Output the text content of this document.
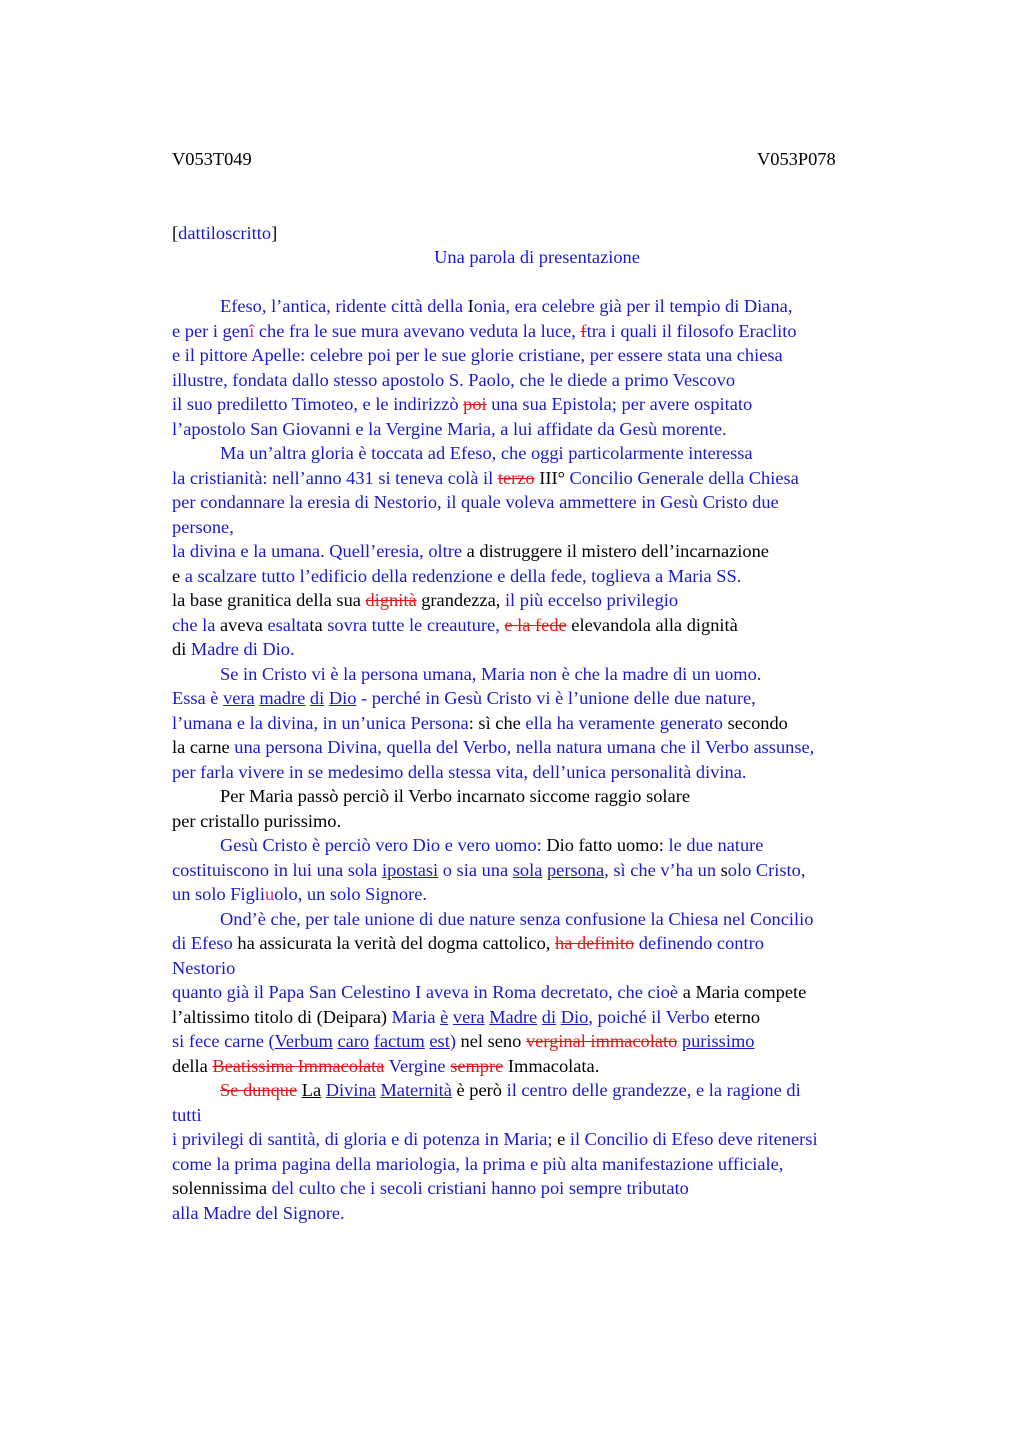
V053T049	V053P078
[dattiloscritto]
Una parola di presentazione
Efeso, l’antica, ridente città della Ionia, era celebre già per il tempio di Diana,
e per i genî che fra le sue mura avevano veduta la luce, ftra i quali il filosofo Eraclito
e il pittore Apelle: celebre poi per le sue glorie cristiane, per essere stata una chiesa
illustre, fondata dallo stesso apostolo S. Paolo, che le diede a primo Vescovo
il suo prediletto Timoteo, e le indirizzò poi una sua Epistola; per avere ospitato
l’apostolo San Giovanni e la Vergine Maria, a lui affidate da Gesù morente.
Ma un’altra gloria è toccata ad Efeso, che oggi particolarmente interessa
la cristianità: nell’anno 431 si teneva colà il terzo III° Concilio Generale della Chiesa
per condannare la eresia di Nestorio, il quale voleva ammettere in Gesù Cristo due
persone,
la divina e la umana. Quell’eresia, oltre a distruggere il mistero dell’incarnazione
e a scalzare tutto l’edificio della redenzione e della fede, toglieva a Maria SS.
la base granitica della sua dignità grandezza, il più eccelso privilegio
che la aveva esaltata sovra tutte le creauture, e la fede elevandola alla dignità
di Madre di Dio.
Se in Cristo vi è la persona umana, Maria non è che la madre di un uomo.
Essa è vera madre di Dio - perché in Gesù Cristo vi è l’unione delle due nature,
l’umana e la divina, in un’unica Persona: sì che ella ha veramente generato secondo
la carne una persona Divina, quella del Verbo, nella natura umana che il Verbo assunse,
per farla vivere in se medesimo della stessa vita, dell’unica personalità divina.
Per Maria passò perciò il Verbo incarnato siccome raggio solare
per cristallo purissimo.
Gesù Cristo è perciò vero Dio e vero uomo: Dio fatto uomo: le due nature
costituiscono in lui una sola ipostasi o sia una sola persona, sì che v’ha un solo Cristo,
un solo Figliuolo, un solo Signore.
Ond’è che, per tale unione di due nature senza confusione la Chiesa nel Concilio
di Efeso ha assicurata la verità del dogma cattolico, ha definito definendo contro
Nestorio
quanto già il Papa San Celestino I aveva in Roma decretato, che cioè a Maria compete
l’altissimo titolo di (Deipara) Maria è vera Madre di Dio, poiché il Verbo eterno
si fece carne (Verbum caro factum est) nel seno verginal immacolato purissimo
della Beatissima Immacolata Vergine sempre Immacolata.
Se dunque La Divina Maternità è però il centro delle grandezze, e la ragione di
tutti
i privilegi di santità, di gloria e di potenza in Maria; e il Concilio di Efeso deve ritenersi
come la prima pagina della mariologia, la prima e più alta manifestazione ufficiale,
solennissima del culto che i secoli cristiani hanno poi sempre tributato
alla Madre del Signore.
